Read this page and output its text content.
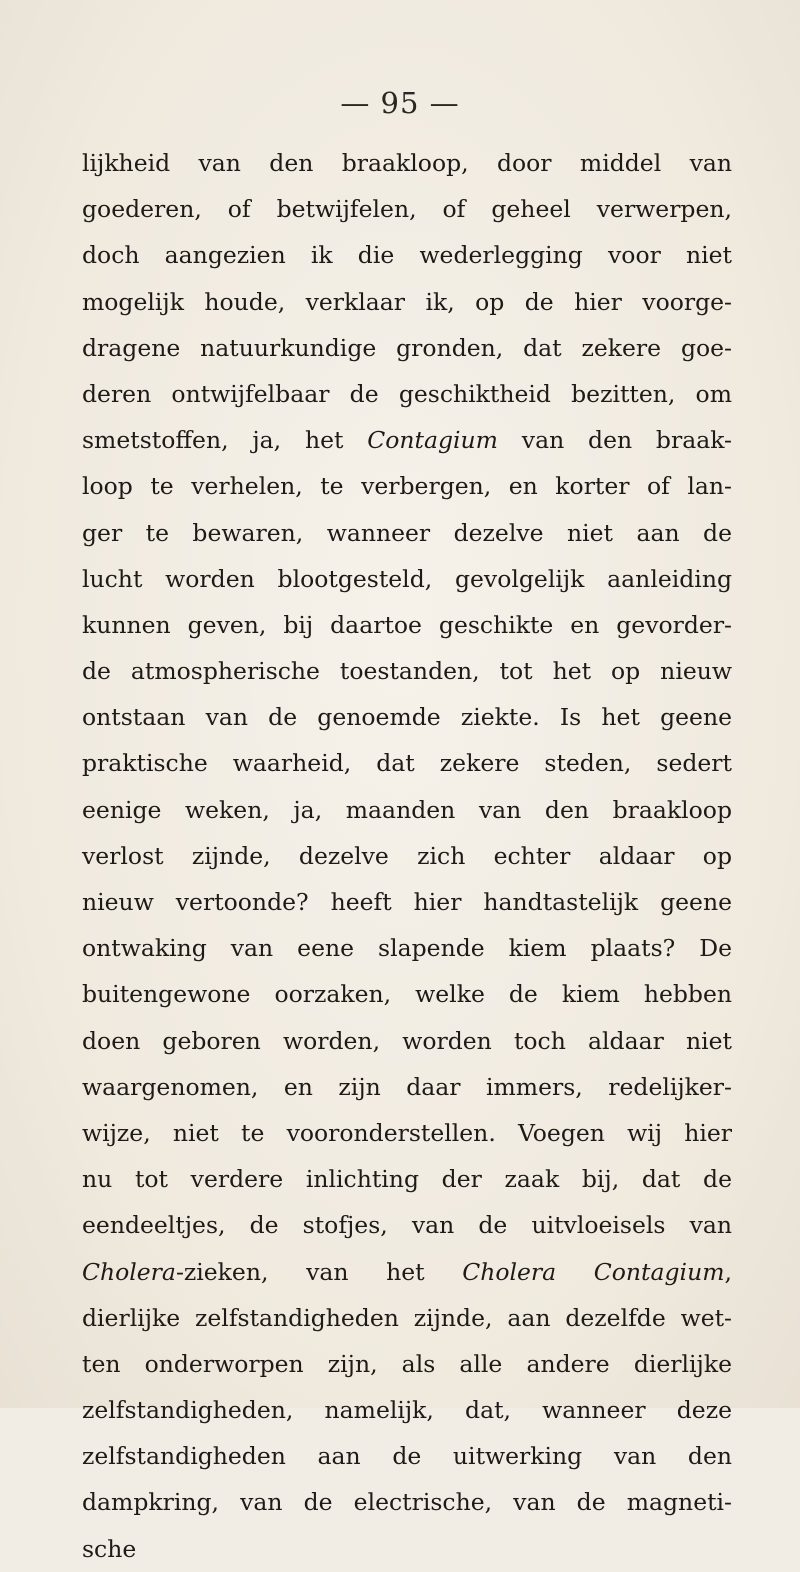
— 95 —
lijkheid van den braakloop, door middel van
goederen, of betwijfelen, of geheel verwerpen,
doch aangezien ik die wederlegging voor niet
mogelijk houde, verklaar ik, op de hier voorge-
dragene natuurkundige gronden, dat zekere goe-
deren ontwijfelbaar de geschiktheid bezitten, om
smetstoffen, ja, het Contagium van den braak-
loop te verhelen, te verbergen, en korter of lan-
ger te bewaren, wanneer dezelve niet aan de
lucht worden blootgesteld, gevolgelijk aanleiding
kunnen geven, bij daartoe geschikte en gevorder-
de atmospherische toestanden, tot het op nieuw
ontstaan van de genoemde ziekte. Is het geene
praktische waarheid, dat zekere steden, sedert
eenige weken, ja, maanden van den braakloop
verlost zijnde, dezelve zich echter aldaar op
nieuw vertoonde? heeft hier handtastelijk geene
ontwaking van eene slapende kiem plaats? De
buitengewone oorzaken, welke de kiem hebben
doen geboren worden, worden toch aldaar niet
waargenomen, en zijn daar immers, redelijker-
wijze, niet te vooronderstellen. Voegen wij hier
nu tot verdere inlichting der zaak bij, dat de
eendeeltjes, de stofjes, van de uitvloeisels van
Cholera-zieken, van het Cholera Contagium,
dierlijke zelfstandigheden zijnde, aan dezelfde wet-
ten onderworpen zijn, als alle andere dierlijke
zelfstandigheden, namelijk, dat, wanneer deze
zelfstandigheden aan de uitwerking van den
dampkring, van de electrische, van de magneti-
sche
